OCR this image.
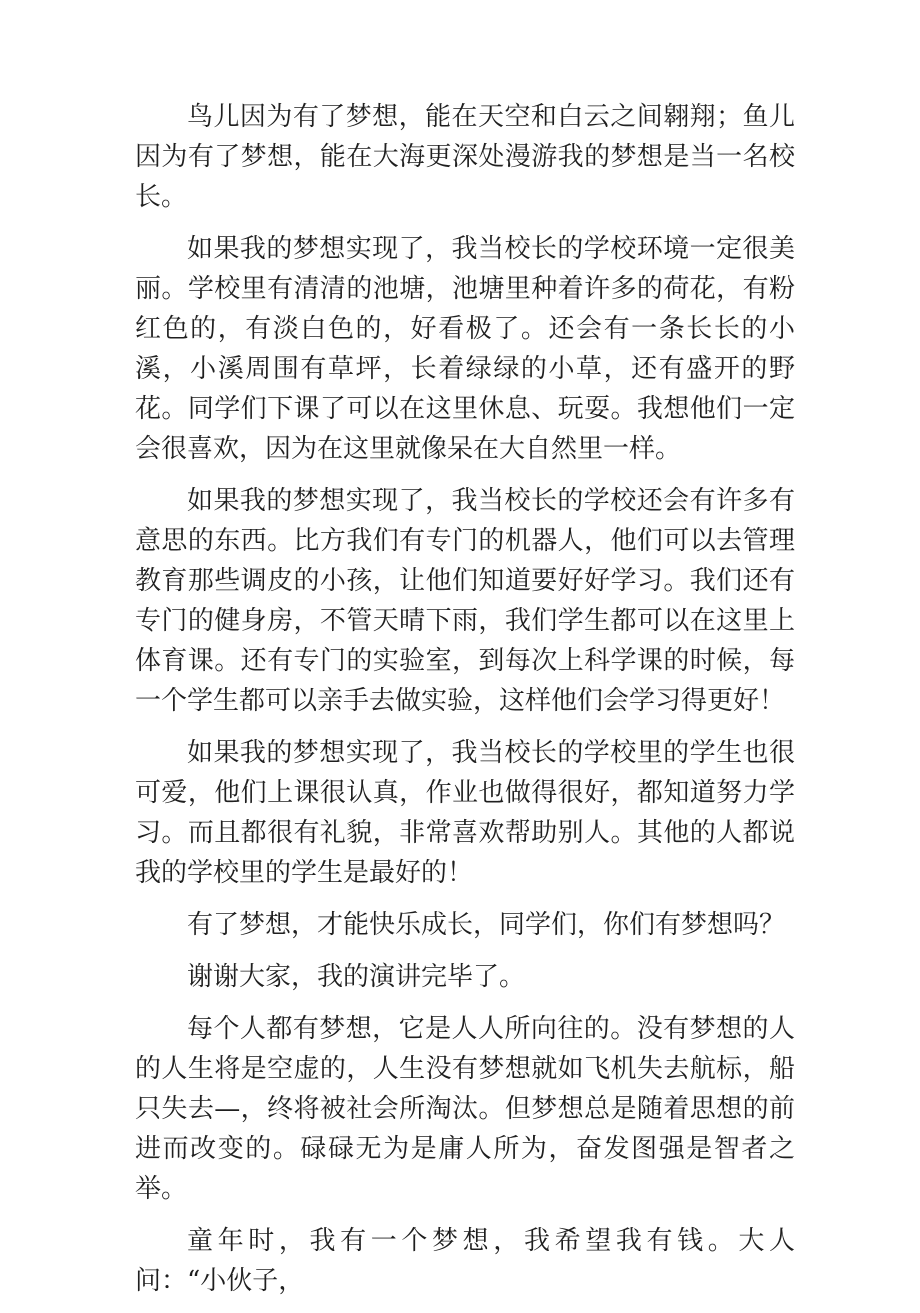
鸟儿因为有了梦想，能在天空和白云之间翱翔；鱼儿因为有了梦想，能在大海更深处漫游我的梦想是当一名校长。

如果我的梦想实现了，我当校长的学校环境一定很美丽。学校里有清清的池塘，池塘里种着许多的荷花，有粉红色的，有淡白色的，好看极了。还会有一条长长的小溪，小溪周围有草坪，长着绿绿的小草，还有盛开的野花。同学们下课了可以在这里休息、玩耍。我想他们一定会很喜欢，因为在这里就像呆在大自然里一样。

如果我的梦想实现了，我当校长的学校还会有许多有意思的东西。比方我们有专门的机器人，他们可以去管理教育那些调皮的小孩，让他们知道要好好学习。我们还有专门的健身房，不管天晴下雨，我们学生都可以在这里上体育课。还有专门的实验室，到每次上科学课的时候，每一个学生都可以亲手去做实验，这样他们会学习得更好！

如果我的梦想实现了，我当校长的学校里的学生也很可爱，他们上课很认真，作业也做得很好，都知道努力学习。而且都很有礼貌，非常喜欢帮助别人。其他的人都说我的学校里的学生是最好的！

有了梦想，才能快乐成长，同学们，你们有梦想吗？

谢谢大家，我的演讲完毕了。

每个人都有梦想，它是人人所向往的。没有梦想的人的人生将是空虚的，人生没有梦想就如飞机失去航标，船只失去—，终将被社会所淘汰。但梦想总是随着思想的前进而改变的。碌碌无为是庸人所为，奋发图强是智者之举。

童年时，我有一个梦想，我希望我有钱。大人问：“小伙子，
